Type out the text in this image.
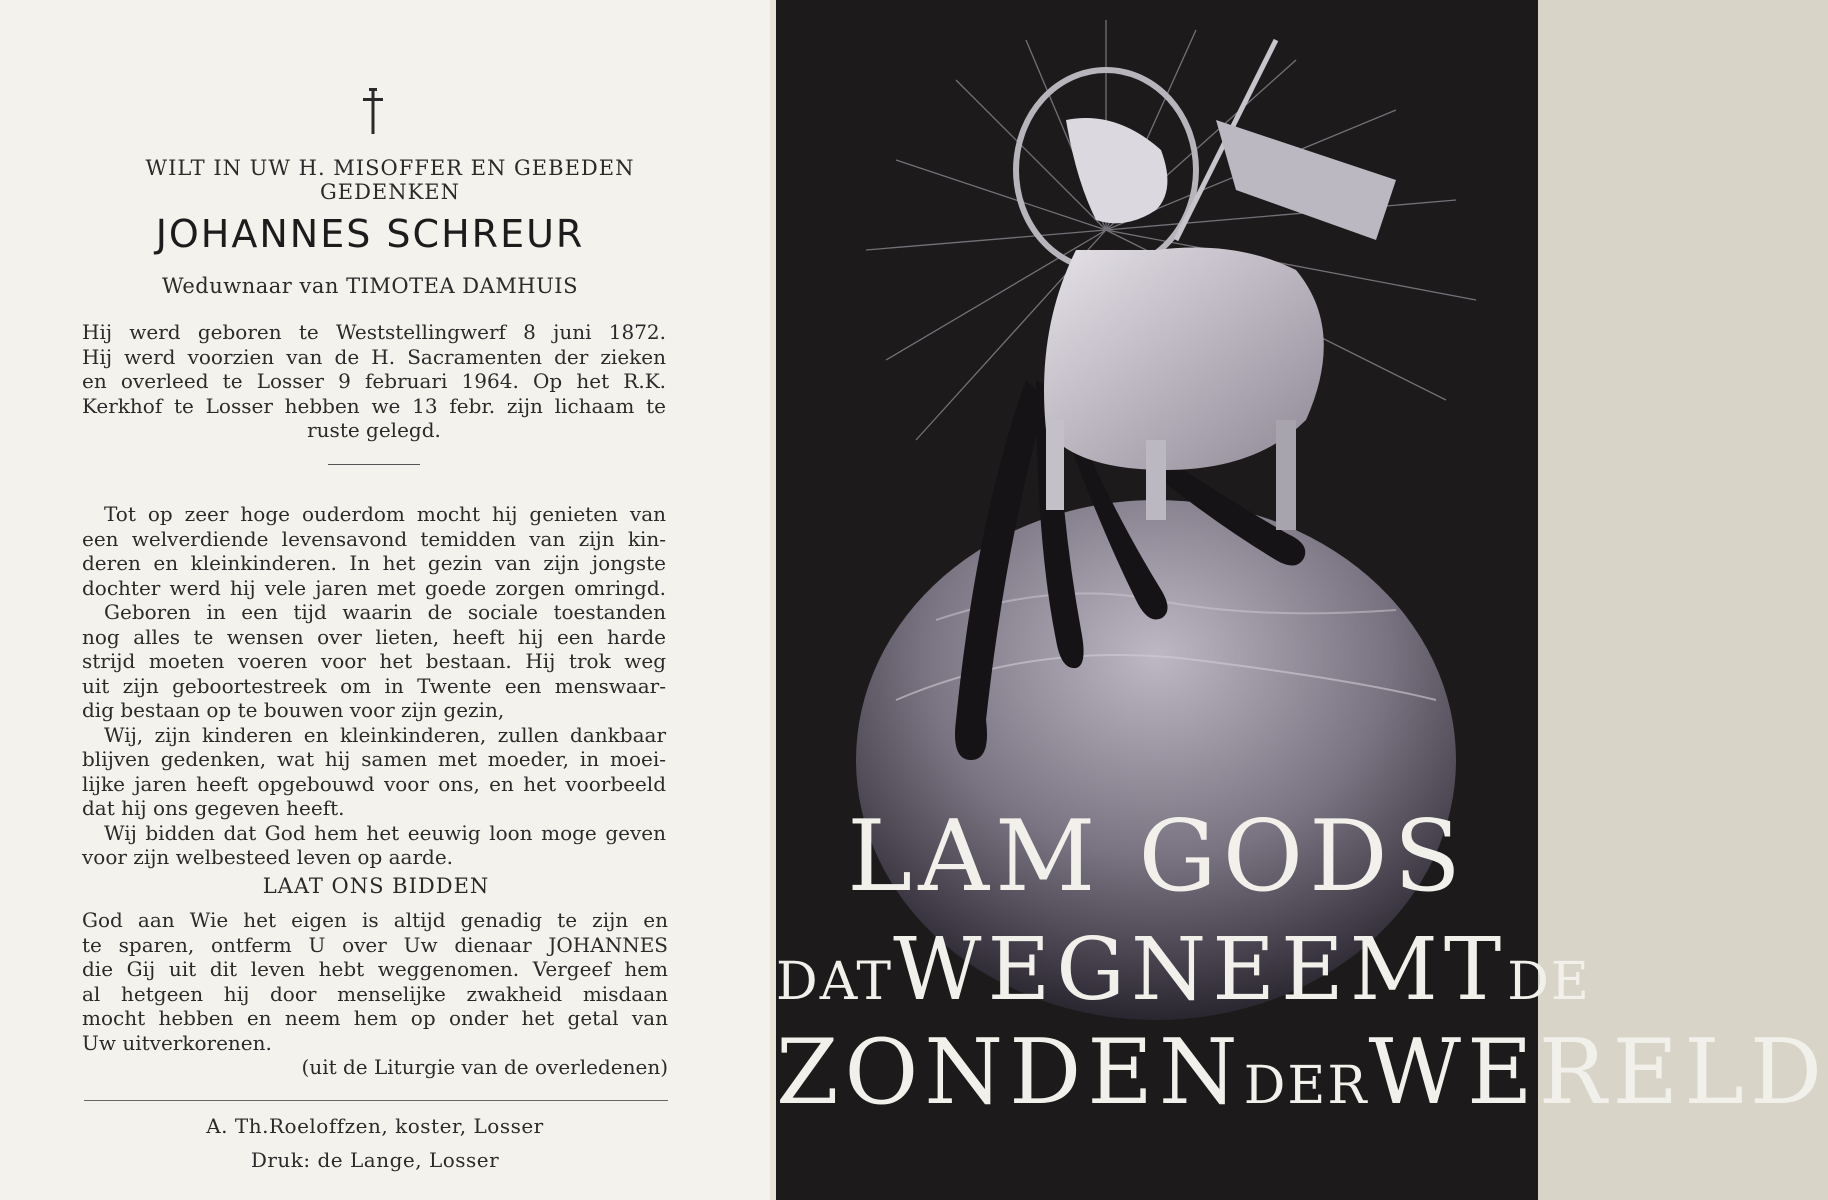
WILT IN UW H. MISOFFER EN GEBEDEN
GEDENKEN
JOHANNES SCHREUR
Weduwnaar van TIMOTEA DAMHUIS
Hij werd geboren te Weststellingwerf 8 juni 1872.
Hij werd voorzien van de H. Sacramenten der zieken
en overleed te Losser 9 februari 1964. Op het R.K.
Kerkhof te Losser hebben we 13 febr. zijn lichaam te
ruste gelegd.
Tot op zeer hoge ouderdom mocht hij genieten van
een welverdiende levensavond temidden van zijn kin-
deren en kleinkinderen. In het gezin van zijn jongste
dochter werd hij vele jaren met goede zorgen omringd.
Geboren in een tijd waarin de sociale toestanden
nog alles te wensen over lieten, heeft hij een harde
strijd moeten voeren voor het bestaan. Hij trok weg
uit zijn geboortestreek om in Twente een menswaar-
dig bestaan op te bouwen voor zijn gezin,
Wij, zijn kinderen en kleinkinderen, zullen dankbaar
blijven gedenken, wat hij samen met moeder, in moei-
lijke jaren heeft opgebouwd voor ons, en het voorbeeld
dat hij ons gegeven heeft.
Wij bidden dat God hem het eeuwig loon moge geven
voor zijn welbesteed leven op aarde.
LAAT ONS BIDDEN
God aan Wie het eigen is altijd genadig te zijn en
te sparen, ontferm U over Uw dienaar JOHANNES
die Gij uit dit leven hebt weggenomen. Vergeef hem
al hetgeen hij door menselijke zwakheid misdaan
mocht hebben en neem hem op onder het getal van
Uw uitverkorenen.
(uit de Liturgie van de overledenen)
A. Th.Roeloffzen, koster, Losser
Druk: de Lange, Losser
LAM GODS
DATWEGNEEMTDE
ZONDENDERWERELD
